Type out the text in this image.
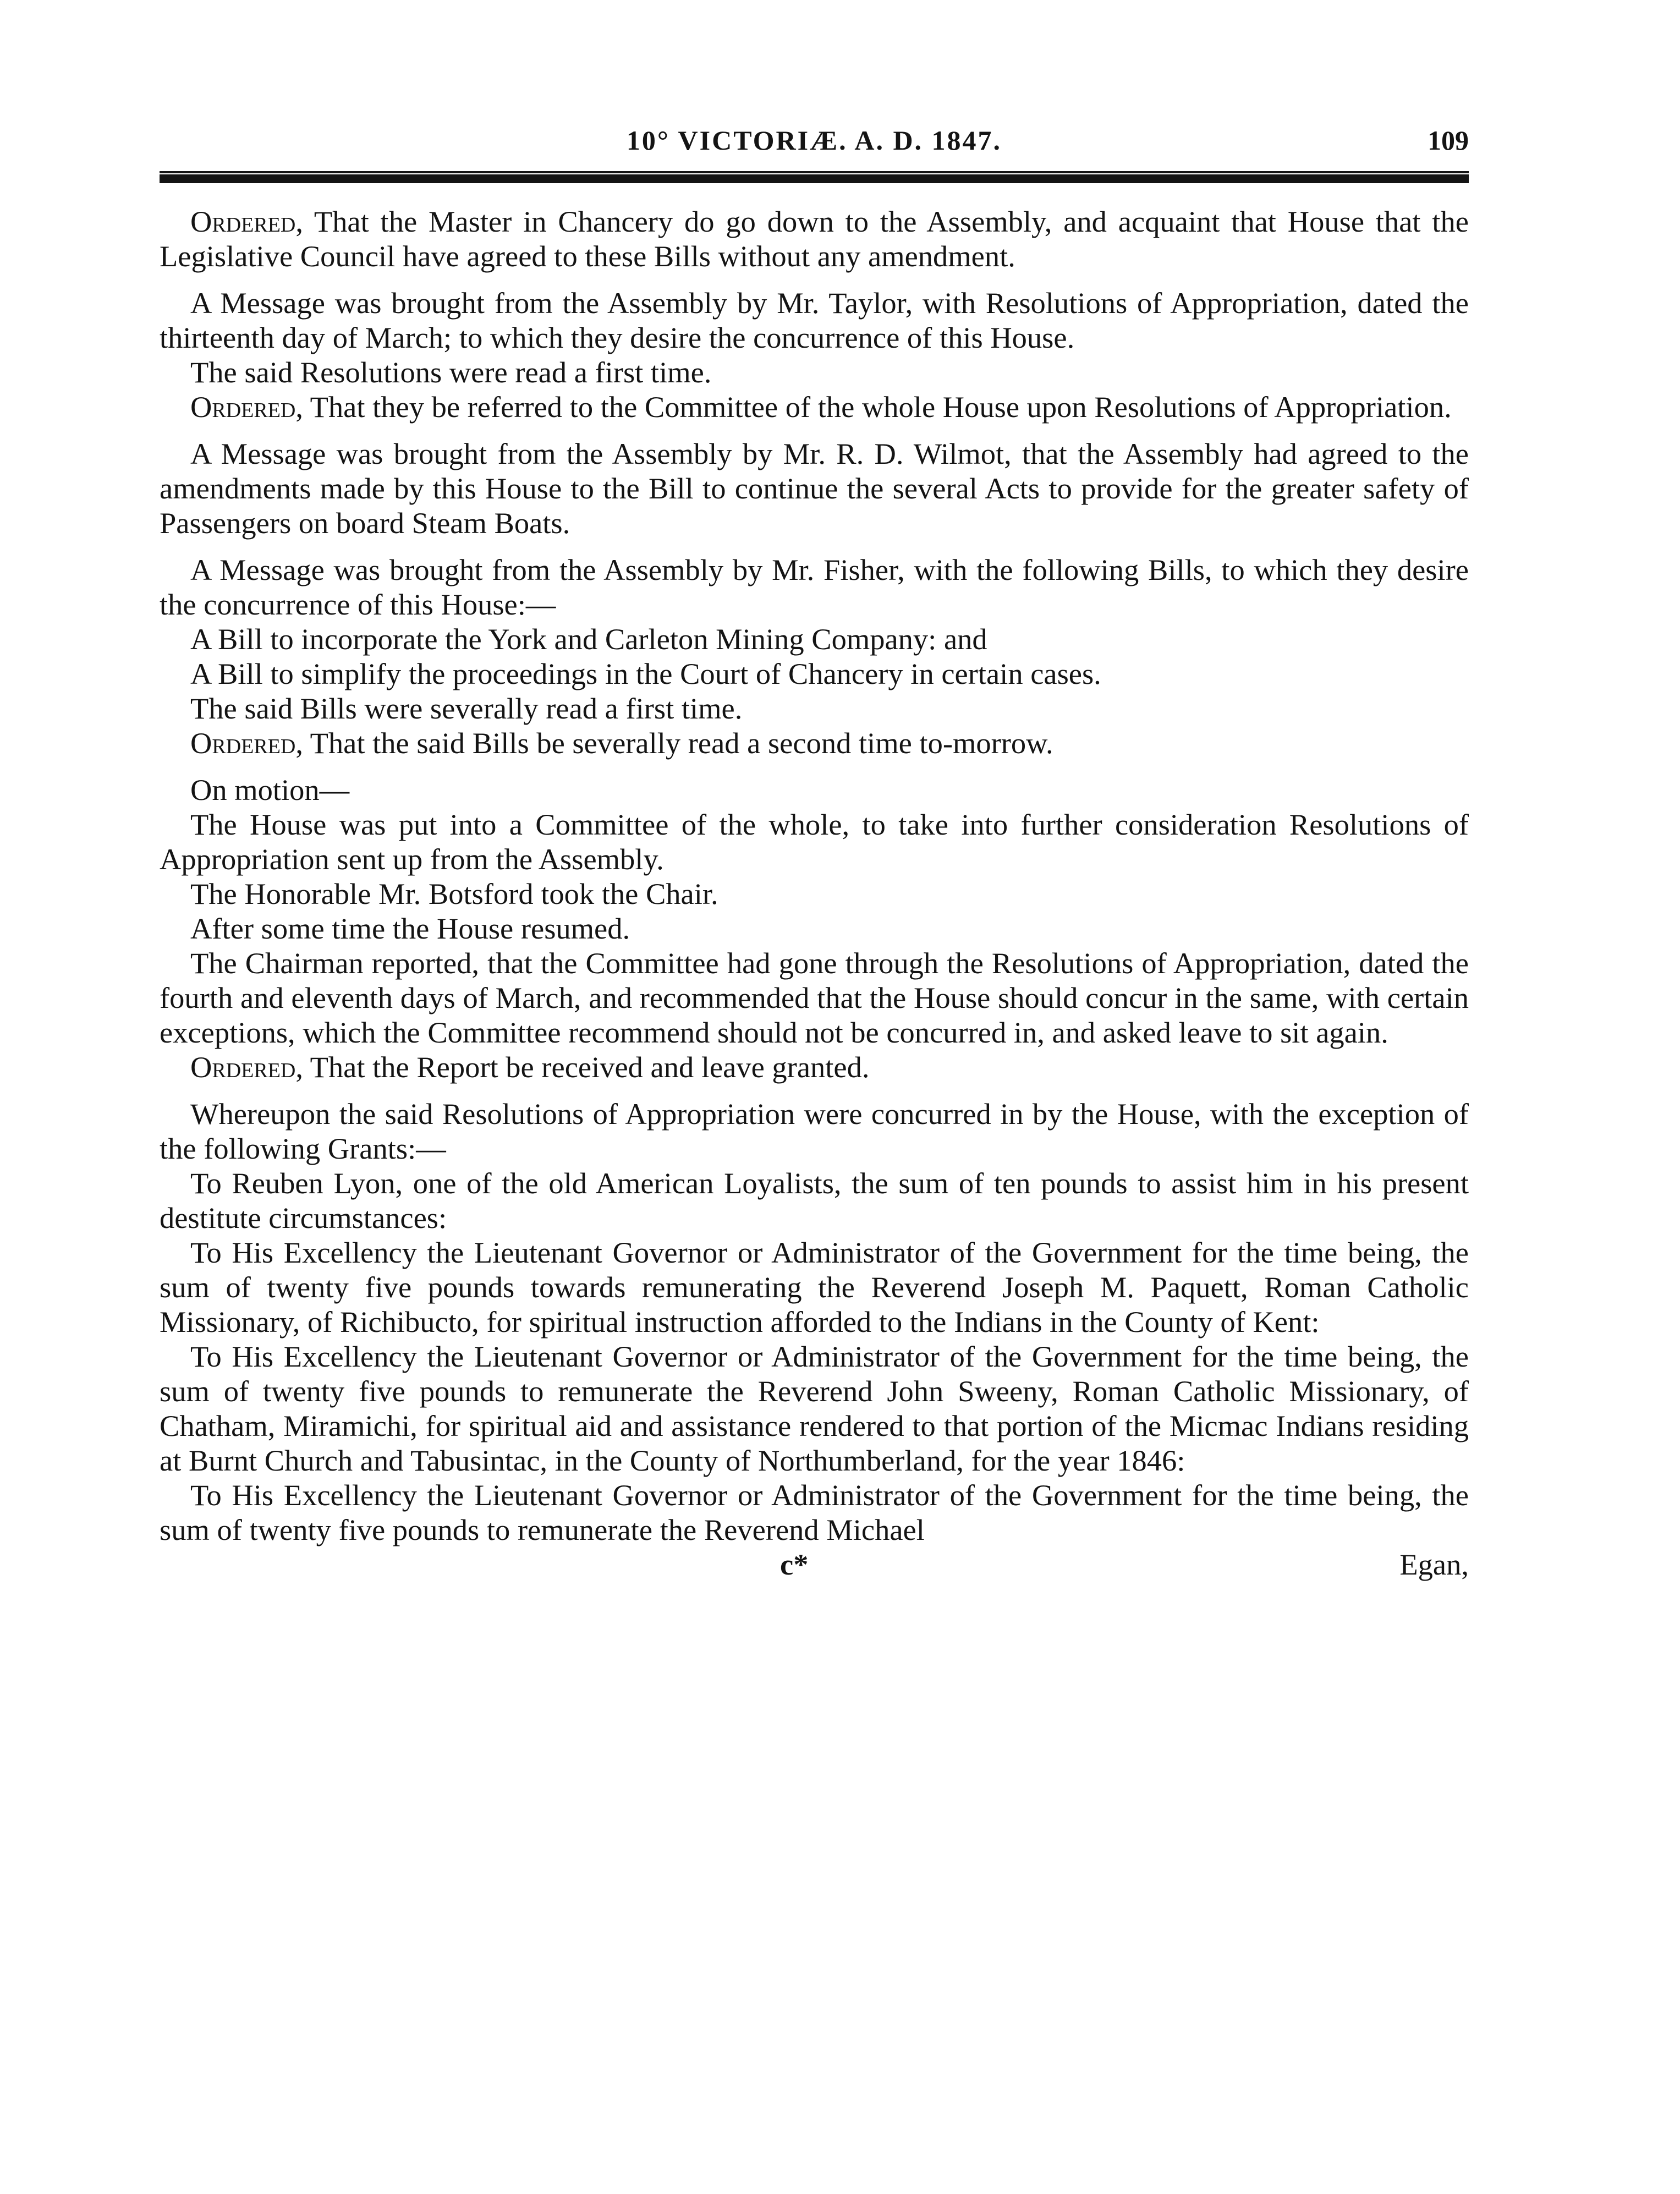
10° VICTORIÆ. A. D. 1847.	109

Ordered, That the Master in Chancery do go down to the Assembly, and acquaint that House that the Legislative Council have agreed to these Bills without any amendment.

A Message was brought from the Assembly by Mr. Taylor, with Resolutions of Appropriation, dated the thirteenth day of March; to which they desire the concurrence of this House.

The said Resolutions were read a first time.

Ordered, That they be referred to the Committee of the whole House upon Resolutions of Appropriation.

A Message was brought from the Assembly by Mr. R. D. Wilmot, that the Assembly had agreed to the amendments made by this House to the Bill to continue the several Acts to provide for the greater safety of Passengers on board Steam Boats.

A Message was brought from the Assembly by Mr. Fisher, with the following Bills, to which they desire the concurrence of this House:—

A Bill to incorporate the York and Carleton Mining Company: and

A Bill to simplify the proceedings in the Court of Chancery in certain cases.

The said Bills were severally read a first time.

Ordered, That the said Bills be severally read a second time to-morrow.

On motion—

The House was put into a Committee of the whole, to take into further consideration Resolutions of Appropriation sent up from the Assembly.

The Honorable Mr. Botsford took the Chair.

After some time the House resumed.

The Chairman reported, that the Committee had gone through the Resolutions of Appropriation, dated the fourth and eleventh days of March, and recommended that the House should concur in the same, with certain exceptions, which the Committee recommend should not be concurred in, and asked leave to sit again.

Ordered, That the Report be received and leave granted.

Whereupon the said Resolutions of Appropriation were concurred in by the House, with the exception of the following Grants:—

To Reuben Lyon, one of the old American Loyalists, the sum of ten pounds to assist him in his present destitute circumstances:

To His Excellency the Lieutenant Governor or Administrator of the Government for the time being, the sum of twenty five pounds towards remunerating the Reverend Joseph M. Paquett, Roman Catholic Missionary, of Richibucto, for spiritual instruction afforded to the Indians in the County of Kent:

To His Excellency the Lieutenant Governor or Administrator of the Government for the time being, the sum of twenty five pounds to remunerate the Reverend John Sweeny, Roman Catholic Missionary, of Chatham, Miramichi, for spiritual aid and assistance rendered to that portion of the Micmac Indians residing at Burnt Church and Tabusintac, in the County of Northumberland, for the year 1846:

To His Excellency the Lieutenant Governor or Administrator of the Government for the time being, the sum of twenty five pounds to remunerate the Reverend Michael

c*	Egan,
